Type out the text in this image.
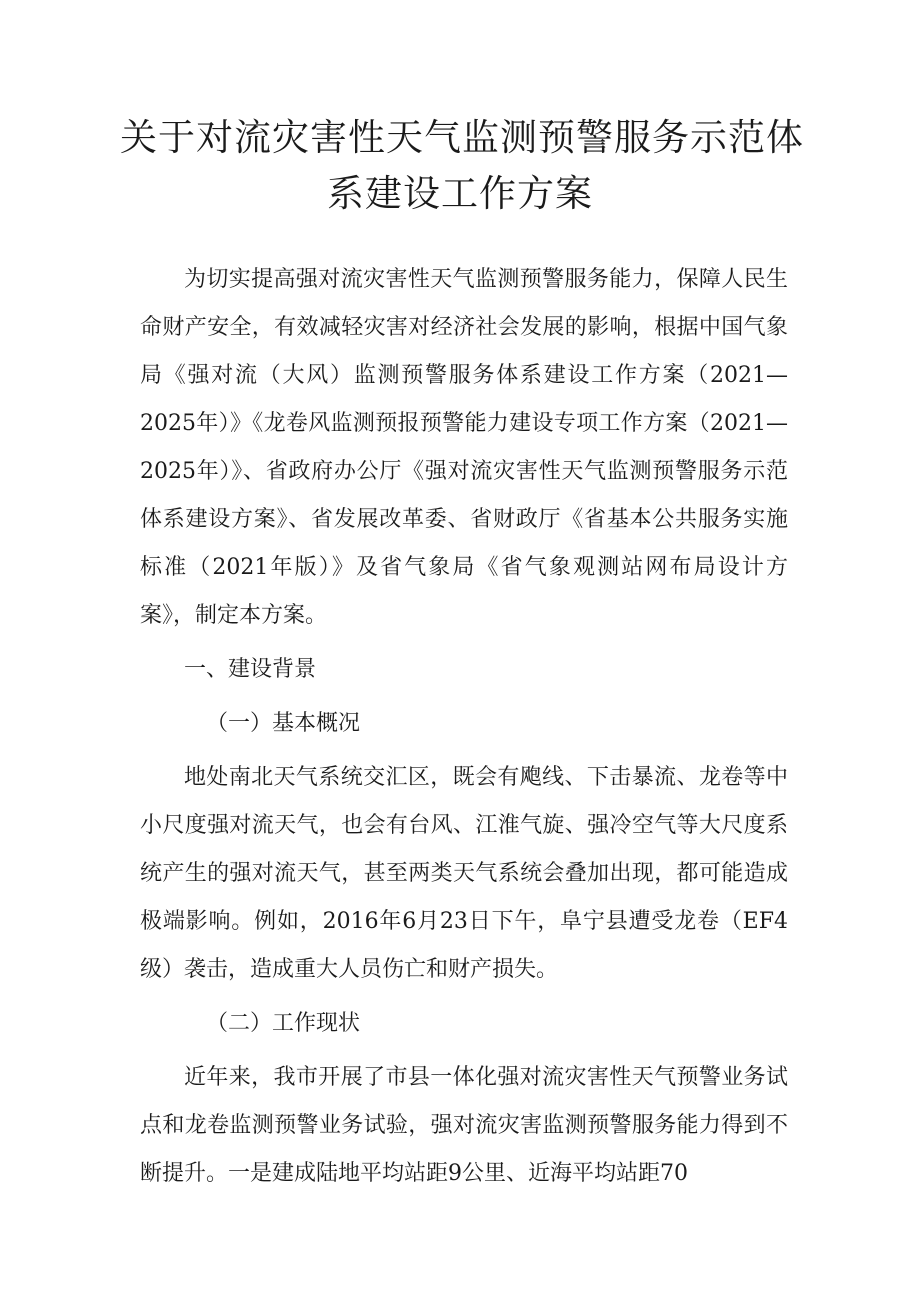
关于对流灾害性天气监测预警服务示范体
系建设工作方案

为切实提高强对流灾害性天气监测预警服务能力，保障人民生命财产安全，有效减轻灾害对经济社会发展的影响，根据中国气象局《强对流（大风）监测预警服务体系建设工作方案（2021—2025年）》《龙卷风监测预报预警能力建设专项工作方案（2021—2025年）》、省政府办公厅《强对流灾害性天气监测预警服务示范体系建设方案》、省发展改革委、省财政厅《省基本公共服务实施标准（2021年版）》及省气象局《省气象观测站网布局设计方案》，制定本方案。

一、建设背景

（一）基本概况

地处南北天气系统交汇区，既会有飑线、下击暴流、龙卷等中小尺度强对流天气，也会有台风、江淮气旋、强冷空气等大尺度系统产生的强对流天气，甚至两类天气系统会叠加出现，都可能造成极端影响。例如，2016年6月23日下午，阜宁县遭受龙卷（EF4级）袭击，造成重大人员伤亡和财产损失。

（二）工作现状

近年来，我市开展了市县一体化强对流灾害性天气预警业务试点和龙卷监测预警业务试验，强对流灾害监测预警服务能力得到不断提升。一是建成陆地平均站距9公里、近海平均站距70
